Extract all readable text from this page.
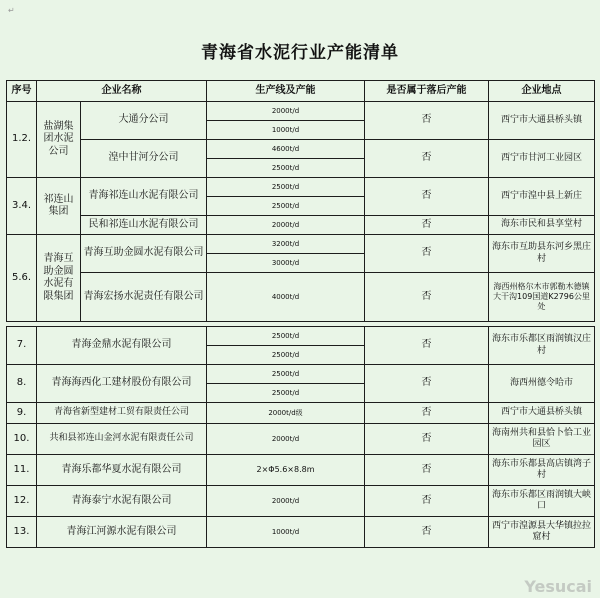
↵
青海省水泥行业产能清单
序号	企业名称		生产线及产能	是否属于落后产能	企业地点
1.2.	盐湖集团水泥公司	大通分公司	2000t/d	否	西宁市大通县桥头镇
			1000t/d		
		湟中甘河分公司	4600t/d	否	西宁市甘河工业园区
			2500t/d		
3.4.	祁连山集团	青海祁连山水泥有限公司	2500t/d	否	西宁市湟中县上新庄
			2500t/d		
		民和祁连山水泥有限公司	2000t/d	否	海东市民和县享堂村
5.6.	青海互助金圆水泥有限集团	青海互助金圆水泥有限公司	3200t/d	否	海东市互助县东河乡黑庄村
			3000t/d		
		青海宏扬水泥责任有限公司	4000t/d	否	海西州格尔木市郭勒木德镇大干沟109国道K2796公里处

7.	青海金鼎水泥有限公司		2500t/d	否	海东市乐都区雨润镇汉庄村
			2500t/d		
8.	青海海西化工建材股份有限公司		2500t/d	否	海西州德令哈市
			2500t/d		
9.	青海省新型建材工贸有限责任公司		2000t/d级	否	西宁市大通县桥头镇
10.	共和县祁连山金河水泥有限责任公司		2000t/d	否	海南州共和县恰卜恰工业园区
11.	青海乐都华夏水泥有限公司		2×Φ5.6×8.8m	否	海东市乐都县高店镇湾子村
12.	青海泰宁水泥有限公司		2000t/d	否	海东市乐都区雨润镇大峡口
13.	青海江河源水泥有限公司		1000t/d	否	西宁市湟源县大华镇拉拉窟村
Yesucai
